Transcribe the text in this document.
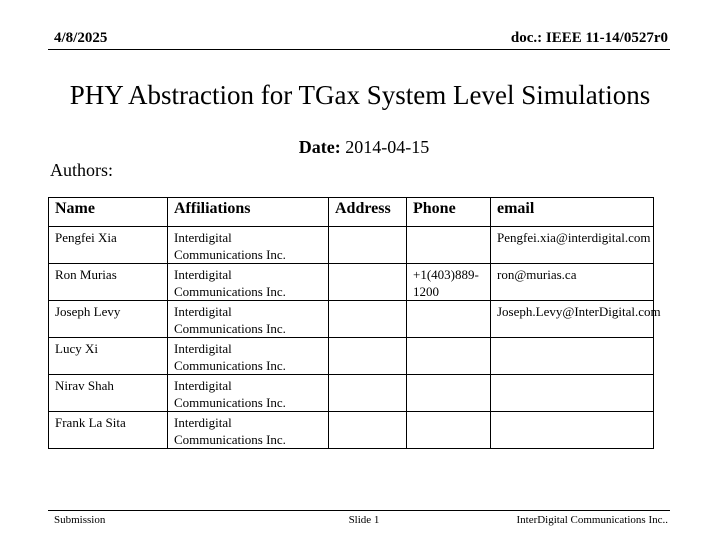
4/8/2025	doc.: IEEE 11-14/0527r0
PHY Abstraction for TGax System Level Simulations
Date: 2014-04-15
Authors:
Name	Affiliations	Address	Phone	email
Pengfei Xia	Interdigital Communications Inc.			Pengfei.xia@interdigital.com
Ron Murias	Interdigital Communications Inc.		+1(403)889-1200	ron@murias.ca
Joseph Levy	Interdigital Communications Inc.			Joseph.Levy@InterDigital.com
Lucy Xi	Interdigital Communications Inc.			
Nirav Shah	Interdigital Communications Inc.			
Frank La Sita	Interdigital Communications Inc.			
Submission	Slide 1	InterDigital Communications Inc..
